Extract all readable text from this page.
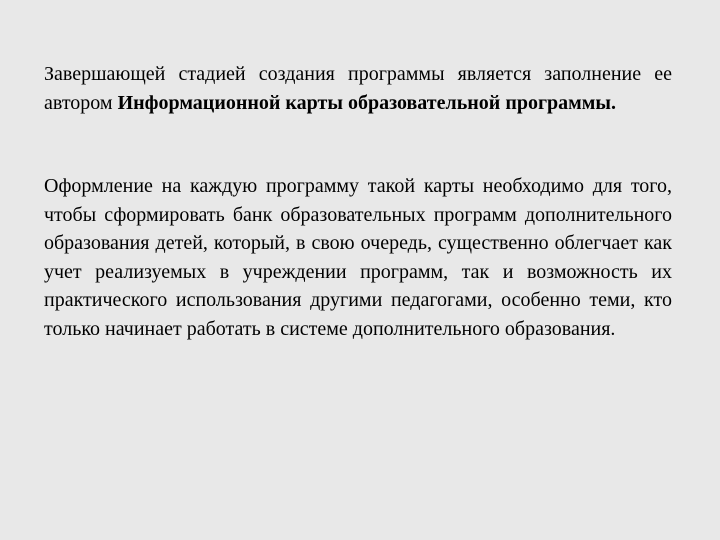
Завершающей стадией создания программы является заполнение ее автором Информационной карты образовательной программы.

Оформление на каждую программу такой карты необходимо для того, чтобы сформировать банк образовательных программ дополнительного образования детей, который, в свою очередь, существенно облегчает как учет реализуемых в учреждении программ, так и возможность их практического использования другими педагогами, особенно теми, кто только начинает работать в системе дополнительного образования.
